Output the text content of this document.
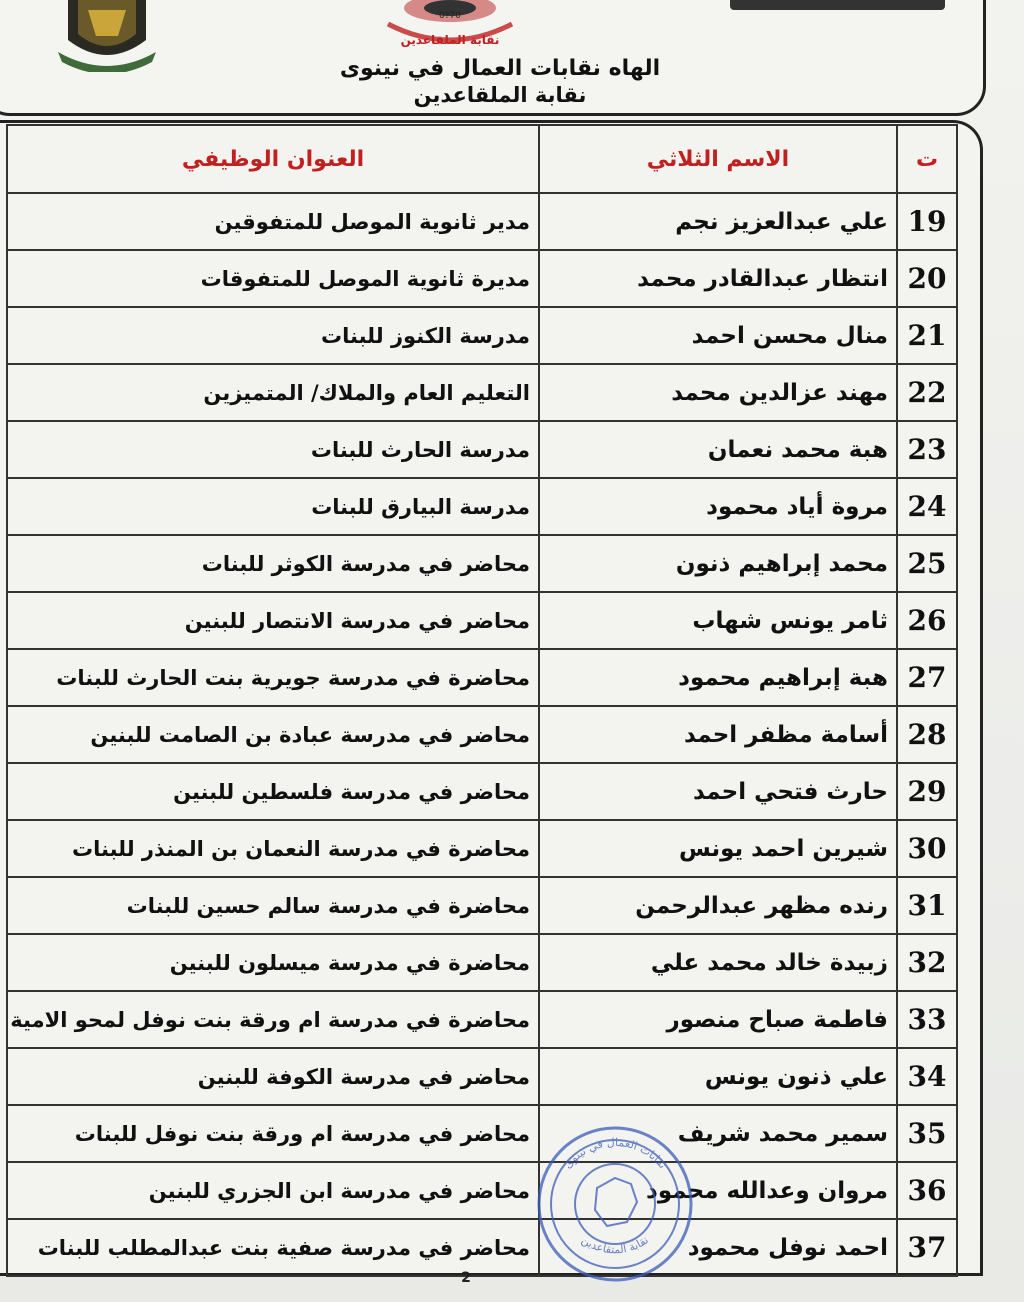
0?70
نقابة الملقاعدين
الهاه نقابات العمال في نينوى
نقابة الملقاعدين
ت	الاسم الثلاثي	العنوان الوظيفي
19	علي عبدالعزيز نجم	مدير ثانوية الموصل للمتفوقين
20	انتظار عبدالقادر محمد	مديرة ثانوية الموصل للمتفوقات
21	منال محسن احمد	مدرسة الكنوز للبنات
22	مهند عزالدين محمد	التعليم العام والملاك/ المتميزين
23	هبة محمد نعمان	مدرسة الحارث للبنات
24	مروة أياد محمود	مدرسة البيارق للبنات
25	محمد إبراهيم ذنون	محاضر في مدرسة الكوثر للبنات
26	ثامر يونس شهاب	محاضر في مدرسة الانتصار للبنين
27	هبة إبراهيم محمود	محاضرة في مدرسة جويرية بنت الحارث للبنات
28	أسامة مظفر احمد	محاضر في مدرسة عبادة بن الصامت للبنين
29	حارث فتحي احمد	محاضر في مدرسة فلسطين للبنين
30	شيرين احمد يونس	محاضرة في مدرسة النعمان بن المنذر للبنات
31	رنده مظهر عبدالرحمن	محاضرة في مدرسة سالم حسين للبنات
32	زبيدة خالد محمد علي	محاضرة في مدرسة ميسلون للبنين
33	فاطمة صباح منصور	محاضرة في مدرسة ام ورقة بنت نوفل لمحو الامية
34	علي ذنون يونس	محاضر في مدرسة الكوفة للبنين
35	سمير محمد شريف	محاضر في مدرسة ام ورقة بنت نوفل للبنات
36	مروان وعدالله محمود	محاضر في مدرسة ابن الجزري للبنين
37	احمد نوفل محمود	محاضر في مدرسة صفية بنت عبدالمطلب للبنات
نقابات العمال في نينوى
نقابة المتقاعدين
2
